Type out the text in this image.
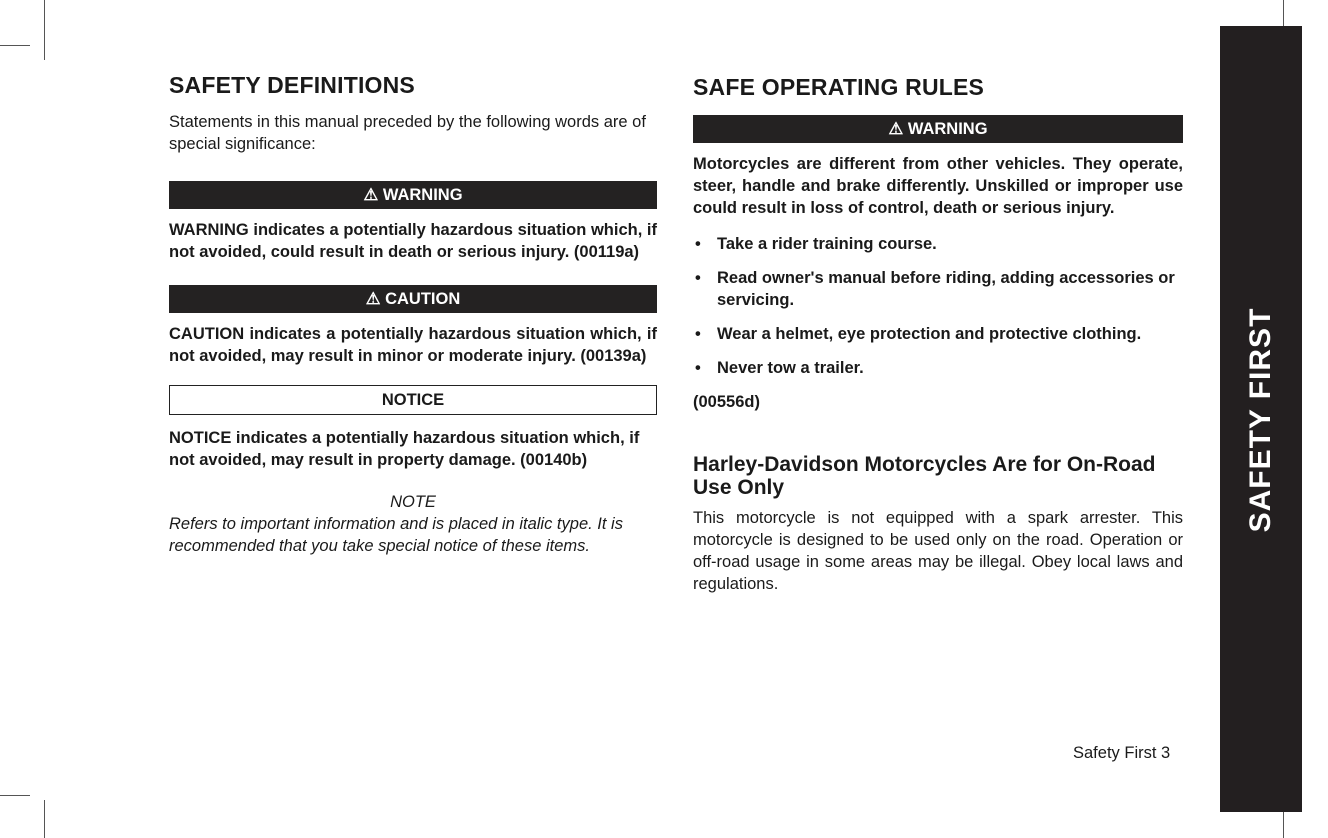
SAFETY DEFINITIONS

Statements in this manual preceded by the following words are of special significance:

⚠ WARNING

WARNING indicates a potentially hazardous situation which, if not avoided, could result in death or serious injury. (00119a)

⚠ CAUTION

CAUTION indicates a potentially hazardous situation which, if not avoided, may result in minor or moderate injury. (00139a)

NOTICE

NOTICE indicates a potentially hazardous situation which, if not avoided, may result in property damage. (00140b)

NOTE

Refers to important information and is placed in italic type. It is recommended that you take special notice of these items.

SAFE OPERATING RULES
⚠ WARNING

Motorcycles are different from other vehicles. They operate, steer, handle and brake differently. Unskilled or improper use could result in loss of control, death or serious injury.

• Take a rider training course.
• Read owner's manual before riding, adding accessories or servicing.
• Wear a helmet, eye protection and protective clothing.
• Never tow a trailer.

(00556d)

Harley-Davidson Motorcycles Are for On-Road Use Only

This motorcycle is not equipped with a spark arrester. This motorcycle is designed to be used only on the road. Operation or off-road usage in some areas may be illegal. Obey local laws and regulations.

SAFETY FIRST
Safety First 3
